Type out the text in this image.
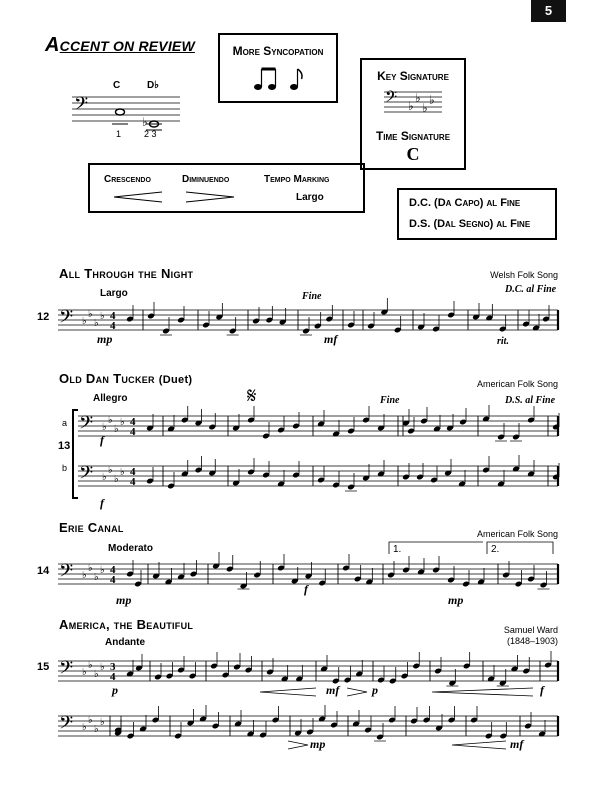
5
ACCENT ON REVIEW
C	D♭
𝄢
♭
1	2 3
More Syncopation
Key Signature
𝄢 ♭
♭
♭
♭
Time Signature
C
Crescendo	Diminuendo	Tempo Marking
Largo	D.C. (Da Capo) al Fine
D.S. (Dal Segno) al Fine
All Through the Night	Welsh Folk Song
Largo	Fine
D.C. al Fine
12
mp	mf	rit.
𝄢 ♭
♭
♭
♭ 4
4
Old Dan Tucker (Duet)	American Folk Song
Allegro	𝄋	Fine	D.S. al Fine
a
13
b
f
f
𝄢 ♭
♭
♭
♭ 4
4
𝄢 ♭
♭
♭
♭ 4
4
Erie Canal	American Folk Song
Moderato	1.	2.
14
mp
f
mp
𝄢 ♭
♭
♭
♭ 4
4
America, the Beautiful	Samuel Ward
(1848–1903)
Andante
15
p	mf	p	f
𝄢 ♭
♭
♭
♭ 3
4
𝄢 ♭
♭
♭
♭
mp	mf
